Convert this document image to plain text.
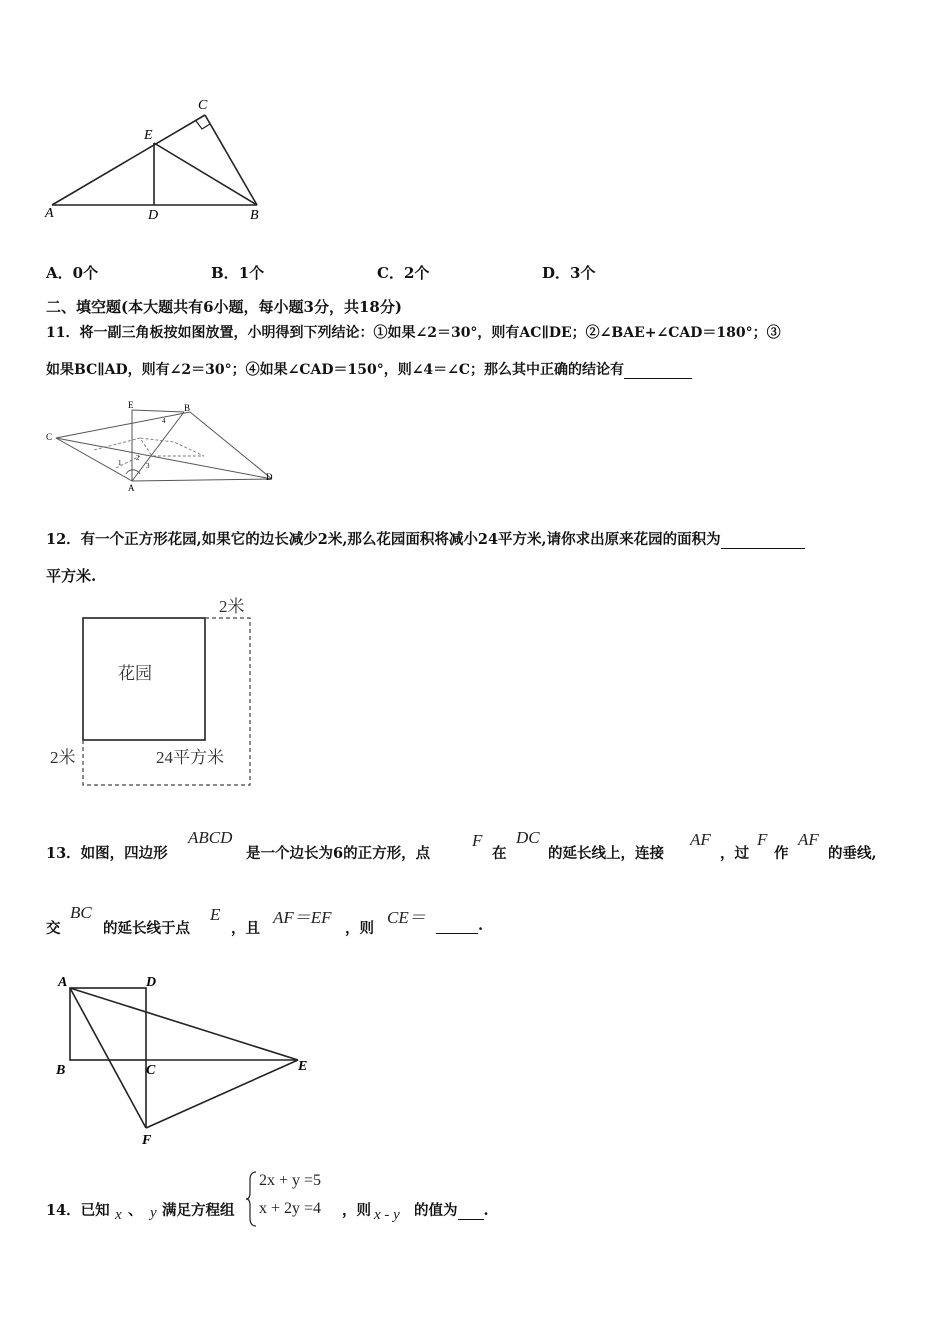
A	D	B
C
E
A．0个	B．1个	C．2个	D．3个
二、填空题(本大题共有6小题，每小题3分，共18分)
11．将一副三角板按如图放置，小明得到下列结论：①如果∠2＝30°，则有AC∥DE；②∠BAE+∠CAD＝180°；③
如果BC∥AD，则有∠2＝30°；④如果∠CAD＝150°，则∠4＝∠C；那么其中正确的结论有
E	B
C
A
D
1
2
3
4
12．有一个正方形花园,如果它的边长减少2米,那么花园面积将减小24平方米,请你求出原来花园的面积为
平方米.
2米
花园
2米	24平方米
13．如图，四边形
ABCD
是一个边长为6的正方形，点
F
在
DC
的延长线上，连接
AF
，过
F
作
AF
的垂线,
交
BC
的延长线于点
E
，且
AF＝EF
，则
CE＝	.
A	D
B	C	E
F
14．已知 x 、 y 满足方程组
2x + y =5
x + 2y =4 ，则 x - y 的值为 .
